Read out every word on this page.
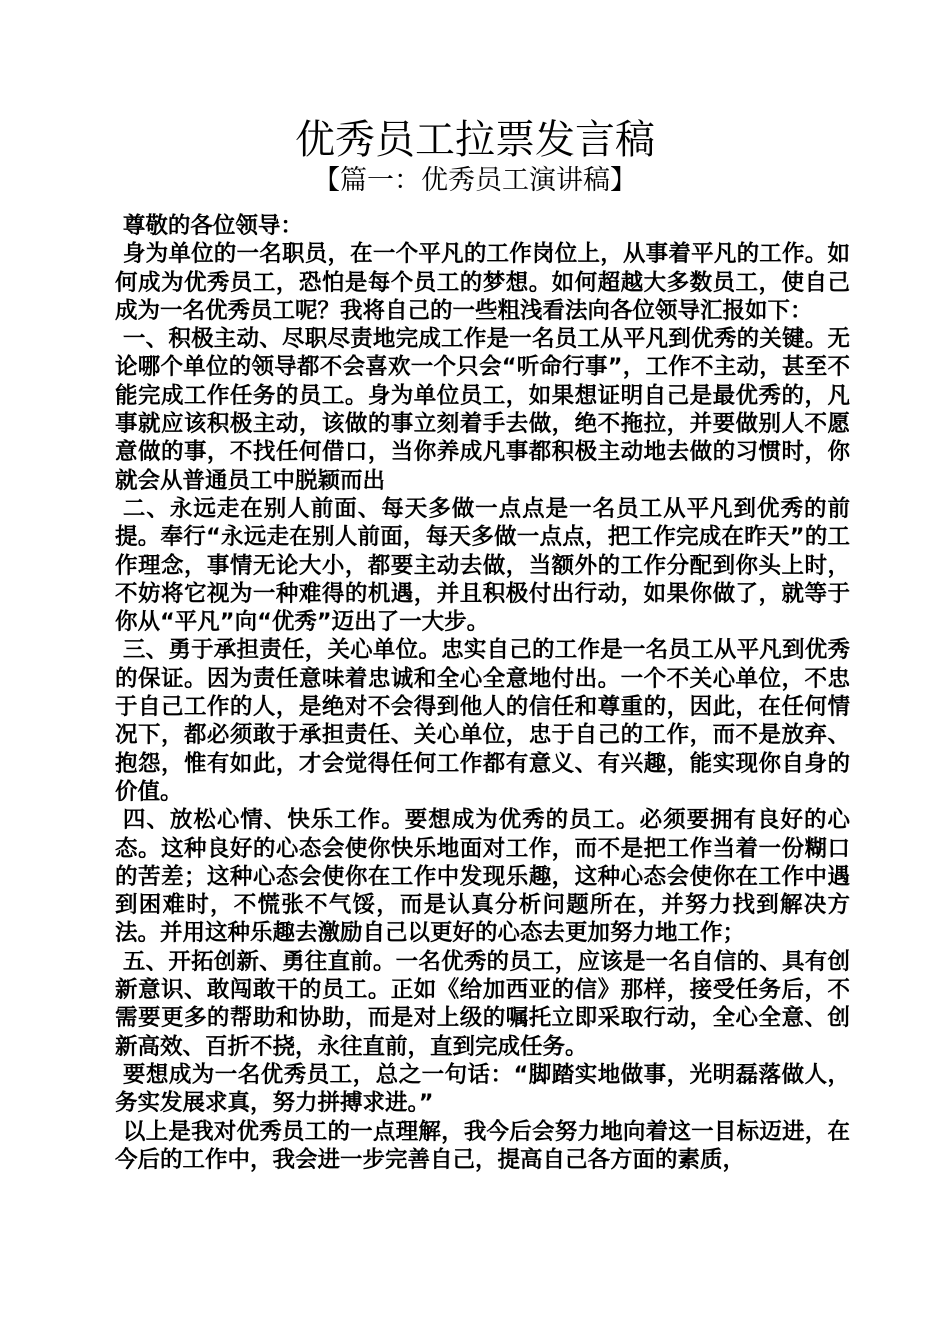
优秀员工拉票发言稿
【篇一：优秀员工演讲稿】

尊敬的各位领导：

身为单位的一名职员，在一个平凡的工作岗位上，从事着平凡的工作。如何成为优秀员工，恐怕是每个员工的梦想。如何超越大多数员工，使自己成为一名优秀员工呢？我将自己的一些粗浅看法向各位领导汇报如下：

一、积极主动、尽职尽责地完成工作是一名员工从平凡到优秀的关键。无论哪个单位的领导都不会喜欢一个只会“听命行事”，工作不主动，甚至不能完成工作任务的员工。身为单位员工，如果想证明自己是最优秀的，凡事就应该积极主动，该做的事立刻着手去做，绝不拖拉，并要做别人不愿意做的事，不找任何借口，当你养成凡事都积极主动地去做的习惯时，你就会从普通员工中脱颖而出

二、永远走在别人前面、每天多做一点点是一名员工从平凡到优秀的前提。奉行“永远走在别人前面，每天多做一点点，把工作完成在昨天”的工作理念，事情无论大小，都要主动去做，当额外的工作分配到你头上时，不妨将它视为一种难得的机遇，并且积极付出行动，如果你做了，就等于你从“平凡”向“优秀”迈出了一大步。

三、勇于承担责任，关心单位。忠实自己的工作是一名员工从平凡到优秀的保证。因为责任意味着忠诚和全心全意地付出。一个不关心单位，不忠于自己工作的人，是绝对不会得到他人的信任和尊重的，因此，在任何情况下，都必须敢于承担责任、关心单位，忠于自己的工作，而不是放弃、抱怨，惟有如此，才会觉得任何工作都有意义、有兴趣，能实现你自身的价值。

四、放松心情、快乐工作。要想成为优秀的员工。必须要拥有良好的心态。这种良好的心态会使你快乐地面对工作，而不是把工作当着一份糊口的苦差；这种心态会使你在工作中发现乐趣，这种心态会使你在工作中遇到困难时，不慌张不气馁，而是认真分析问题所在，并努力找到解决方法。并用这种乐趣去激励自己以更好的心态去更加努力地工作；

五、开拓创新、勇往直前。一名优秀的员工，应该是一名自信的、具有创新意识、敢闯敢干的员工。正如《给加西亚的信》那样，接受任务后，不需要更多的帮助和协助，而是对上级的嘱托立即采取行动，全心全意、创新高效、百折不挠，永往直前，直到完成任务。

要想成为一名优秀员工，总之一句话：“脚踏实地做事，光明磊落做人，务实发展求真，努力拼搏求进。”

以上是我对优秀员工的一点理解，我今后会努力地向着这一目标迈进，在今后的工作中，我会进一步完善自己，提高自己各方面的素质，
